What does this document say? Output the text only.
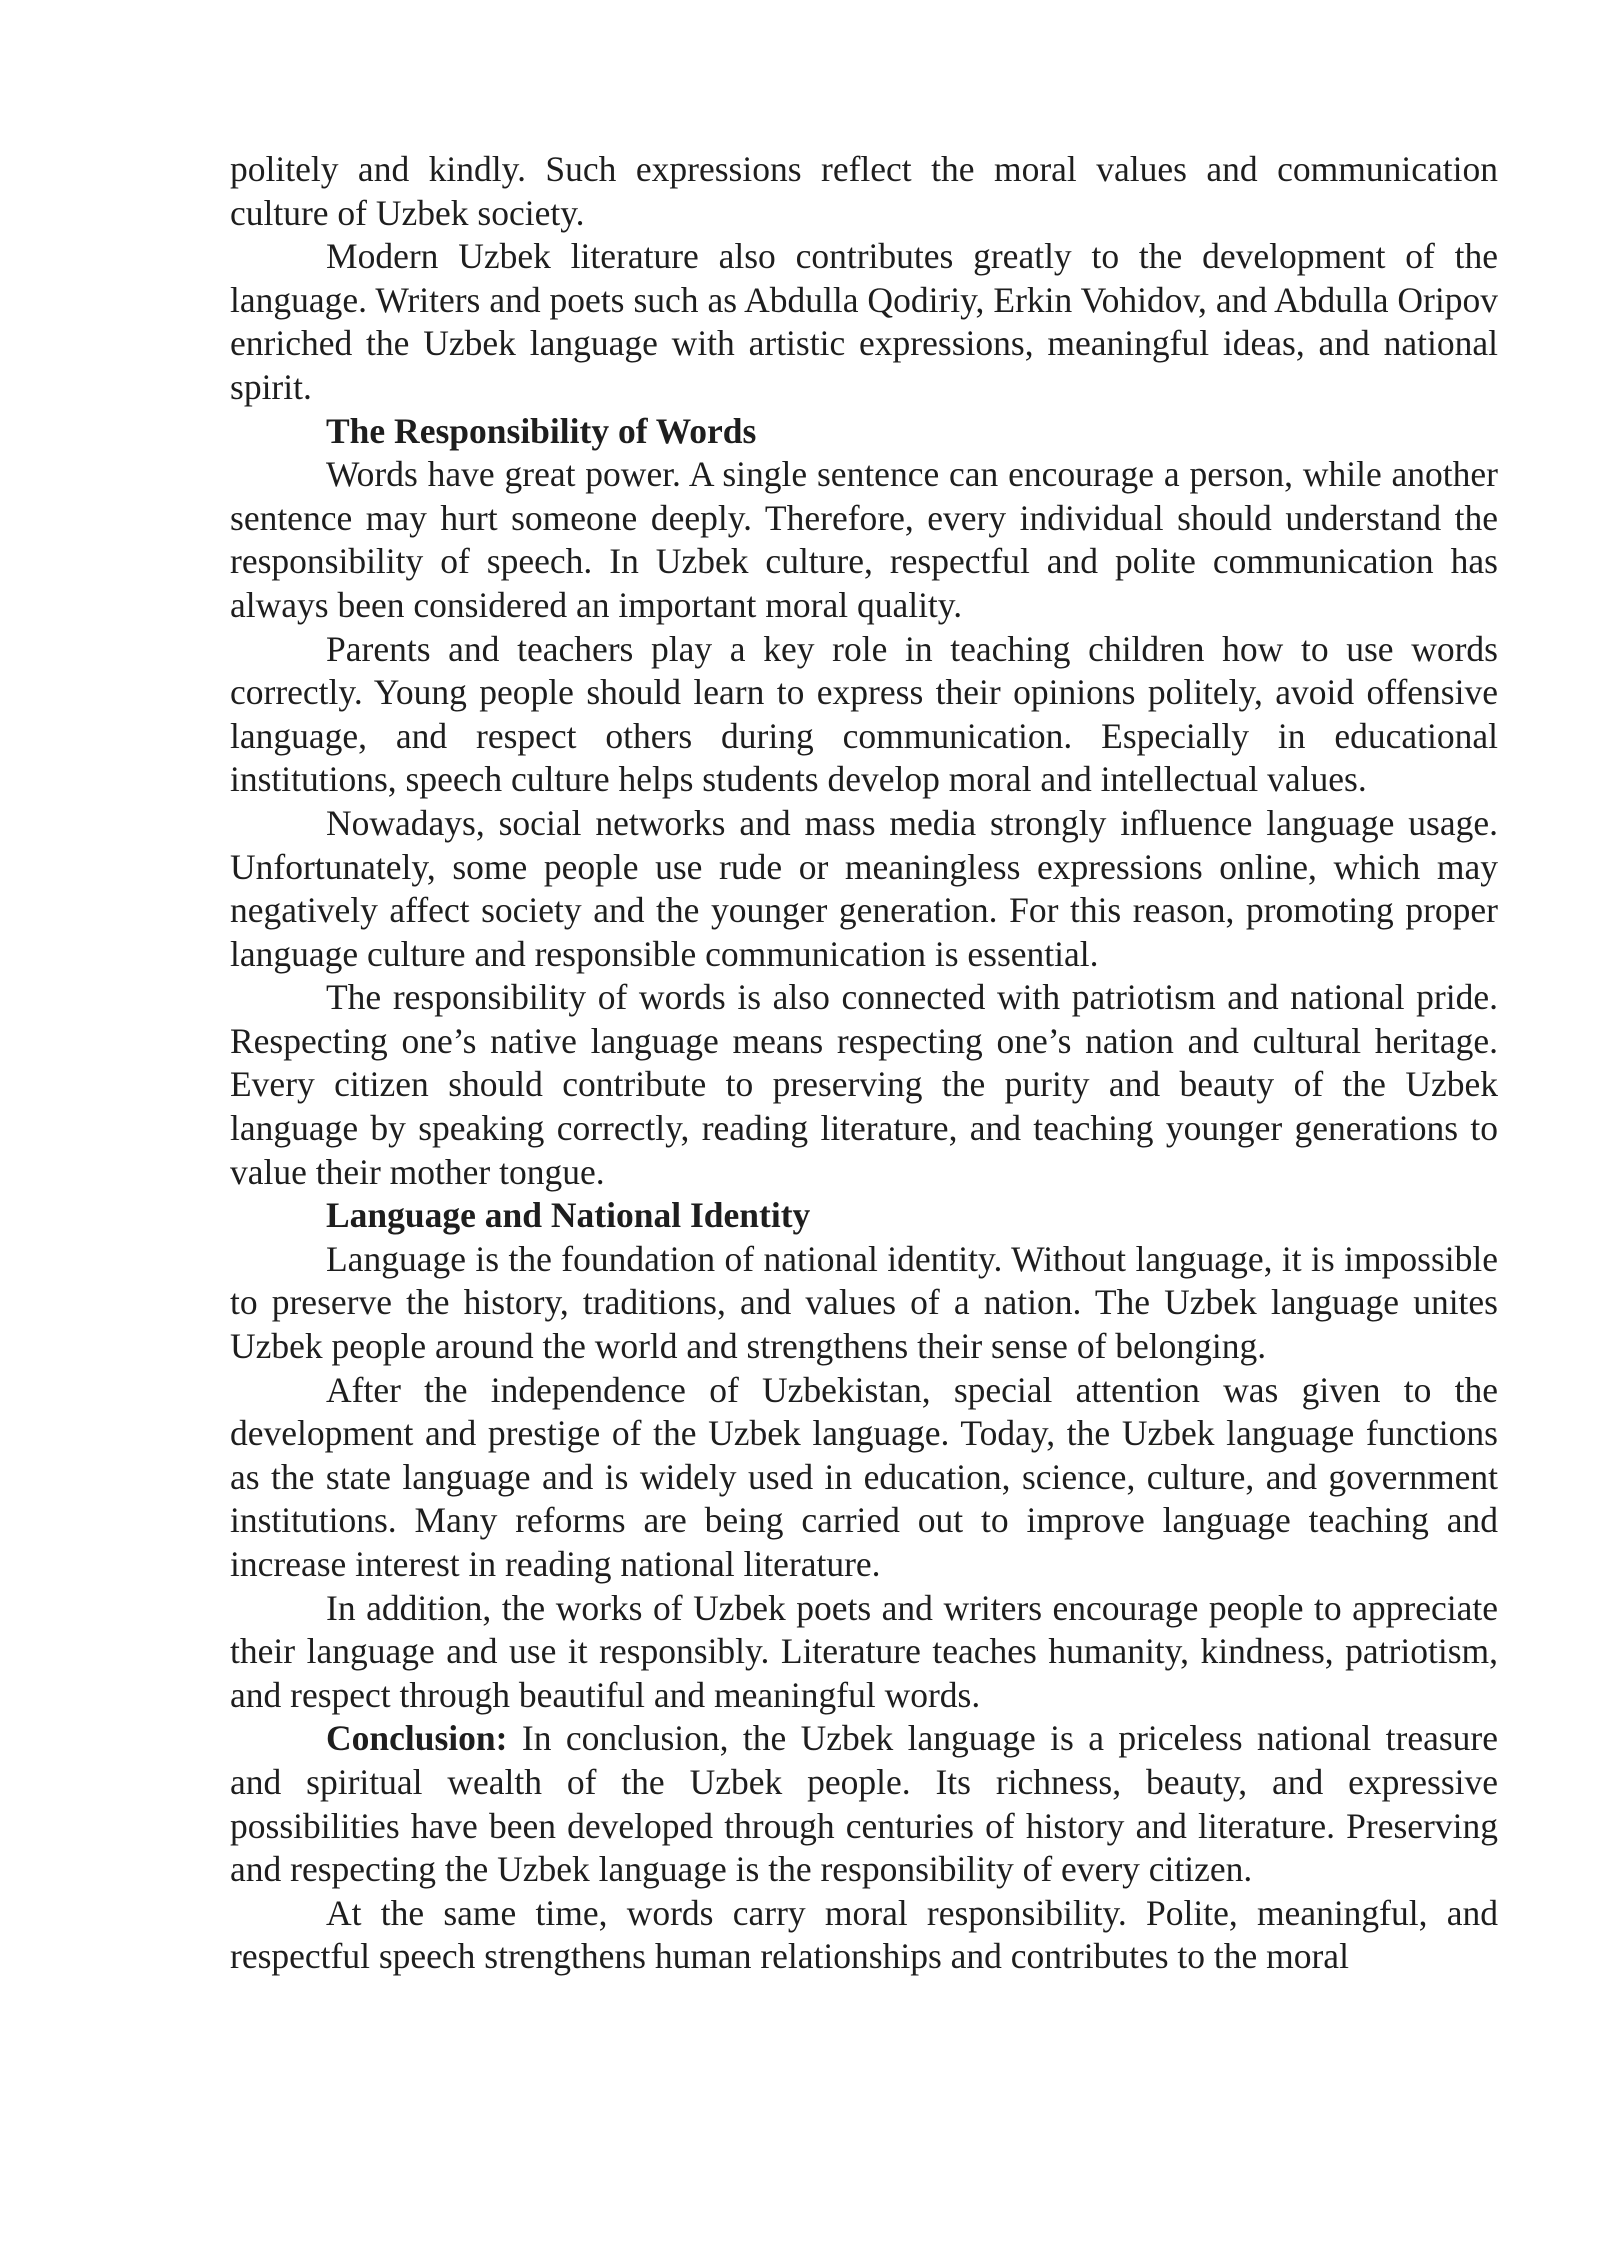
politely and kindly. Such expressions reflect the moral values and communication culture of Uzbek society.

Modern Uzbek literature also contributes greatly to the development of the language. Writers and poets such as Abdulla Qodiriy, Erkin Vohidov, and Abdulla Oripov enriched the Uzbek language with artistic expressions, meaningful ideas, and national spirit.

The Responsibility of Words

Words have great power. A single sentence can encourage a person, while another sentence may hurt someone deeply. Therefore, every individual should understand the responsibility of speech. In Uzbek culture, respectful and polite communication has always been considered an important moral quality.

Parents and teachers play a key role in teaching children how to use words correctly. Young people should learn to express their opinions politely, avoid offensive language, and respect others during communication. Especially in educational institutions, speech culture helps students develop moral and intellectual values.

Nowadays, social networks and mass media strongly influence language usage. Unfortunately, some people use rude or meaningless expressions online, which may negatively affect society and the younger generation. For this reason, promoting proper language culture and responsible communication is essential.

The responsibility of words is also connected with patriotism and national pride. Respecting one’s native language means respecting one’s nation and cultural heritage. Every citizen should contribute to preserving the purity and beauty of the Uzbek language by speaking correctly, reading literature, and teaching younger generations to value their mother tongue.

Language and National Identity

Language is the foundation of national identity. Without language, it is impossible to preserve the history, traditions, and values of a nation. The Uzbek language unites Uzbek people around the world and strengthens their sense of belonging.

After the independence of Uzbekistan, special attention was given to the development and prestige of the Uzbek language. Today, the Uzbek language functions as the state language and is widely used in education, science, culture, and government institutions. Many reforms are being carried out to improve language teaching and increase interest in reading national literature.

In addition, the works of Uzbek poets and writers encourage people to appreciate their language and use it responsibly. Literature teaches humanity, kindness, patriotism, and respect through beautiful and meaningful words.

Conclusion: In conclusion, the Uzbek language is a priceless national treasure and spiritual wealth of the Uzbek people. Its richness, beauty, and expressive possibilities have been developed through centuries of history and literature. Preserving and respecting the Uzbek language is the responsibility of every citizen.

At the same time, words carry moral responsibility. Polite, meaningful, and respectful speech strengthens human relationships and contributes to the moral
